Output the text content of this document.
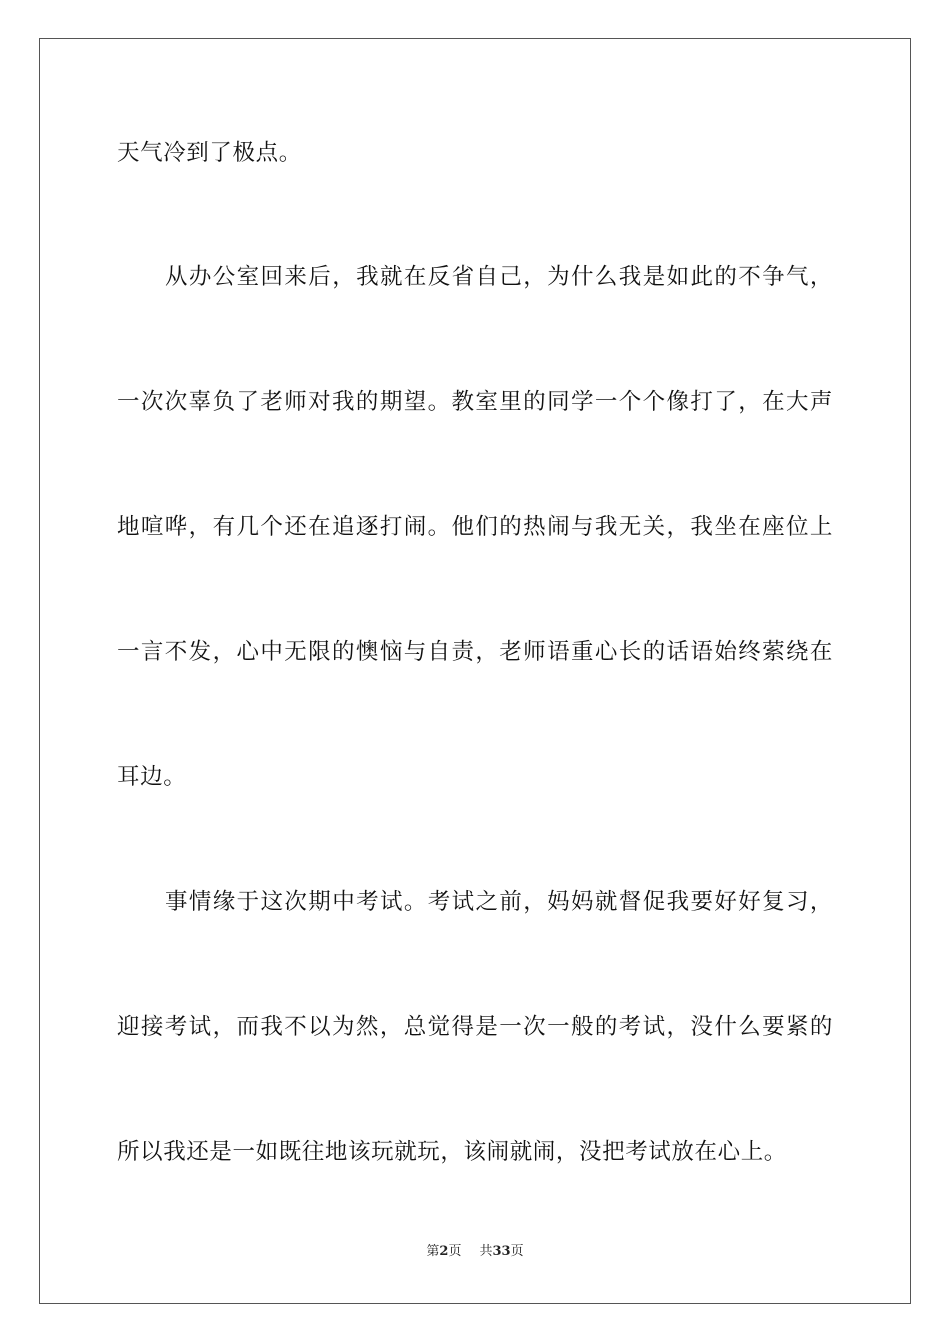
天气冷到了极点。
从办公室回来后，我就在反省自己，为什么我是如此的不争气，
一次次辜负了老师对我的期望。教室里的同学一个个像打了，在大声
地喧哗，有几个还在追逐打闹。他们的热闹与我无关，我坐在座位上
一言不发，心中无限的懊恼与自责，老师语重心长的话语始终萦绕在
耳边。
事情缘于这次期中考试。考试之前，妈妈就督促我要好好复习，
迎接考试，而我不以为然，总觉得是一次一般的考试，没什么要紧的
所以我还是一如既往地该玩就玩，该闹就闹，没把考试放在心上。
第2页 共33页
